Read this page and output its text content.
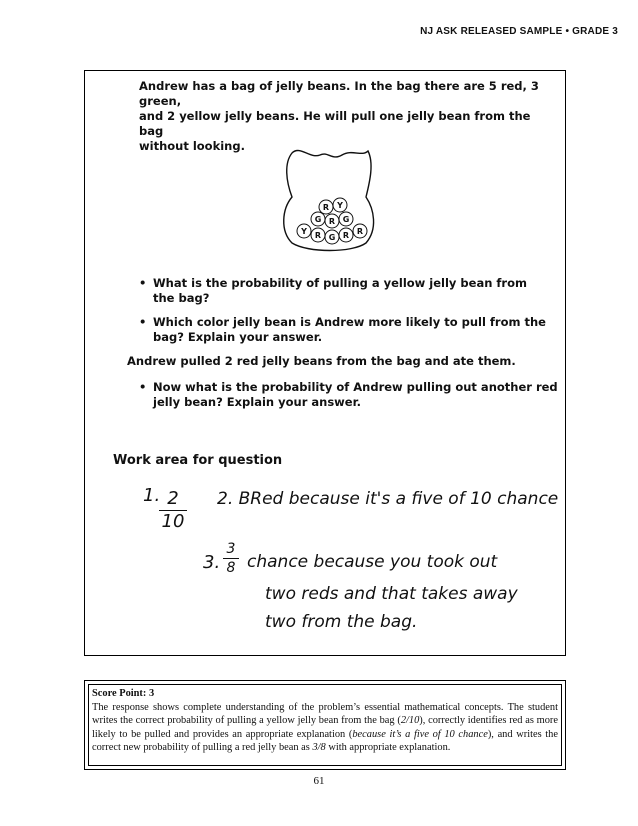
NJ ASK RELEASED SAMPLE • GRADE 3
Andrew has a bag of jelly beans. In the bag there are 5 red, 3 green,
and 2 yellow jelly beans. He will pull one jelly bean from the bag
without looking.
R Y
G R G
Y R G R R
• What is the probability of pulling a yellow jelly bean from
the bag?
• Which color jelly bean is Andrew more likely to pull from the
bag? Explain your answer.
Andrew pulled 2 red jelly beans from the bag and ate them.
• Now what is the probability of Andrew pulling out another red
jelly bean? Explain your answer.
Work area for question
1. 2
10
2. BRed because it's a five of 10 chance
3.
3
8 chance because you took out
two reds and that takes away
two from the bag.
Score Point: 3
The response shows complete understanding of the problem’s essential mathematical concepts. The student writes the correct probability of pulling a yellow jelly bean from the bag (2/10), correctly identifies red as more likely to be pulled and provides an appropriate explanation (because it’s a five of 10 chance), and writes the correct new probability of pulling a red jelly bean as 3/8 with appropriate explanation.
61
